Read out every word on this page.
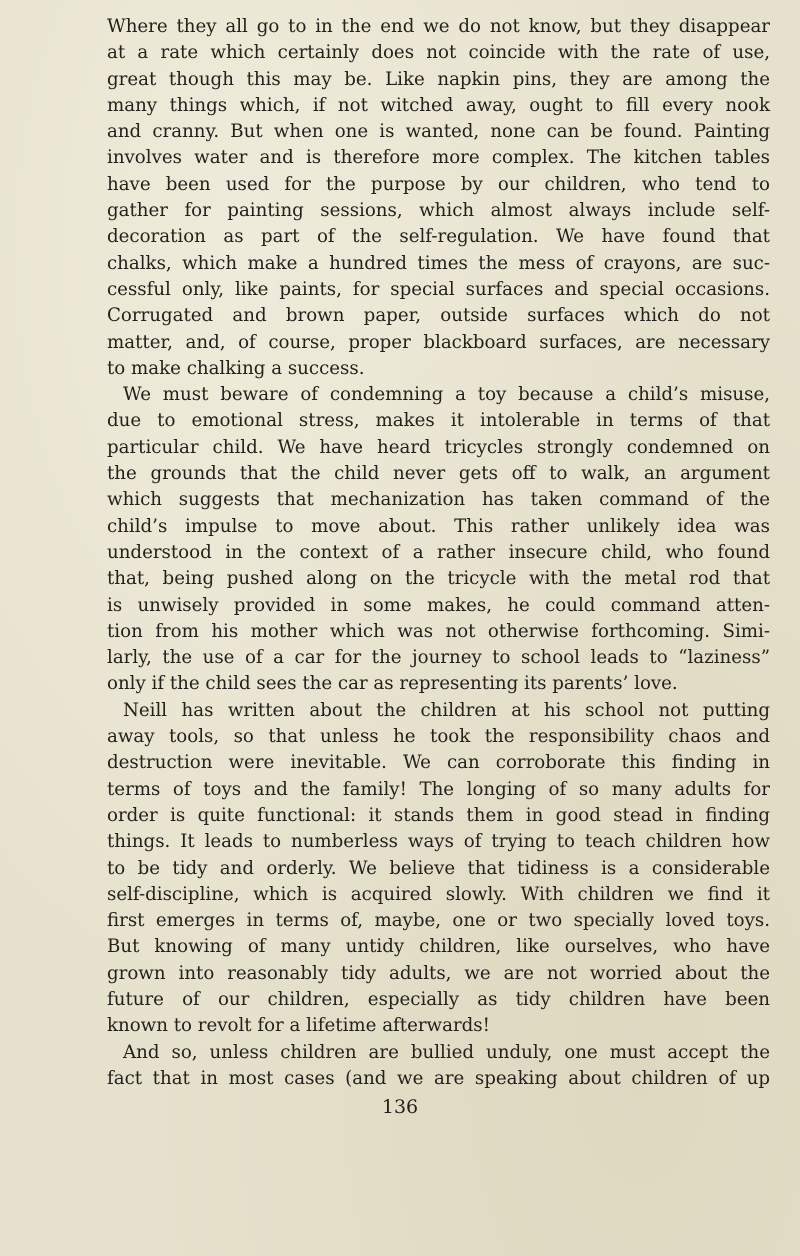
Where they all go to in the end we do not know, but they disappear
at a rate which certainly does not coincide with the rate of use,
great though this may be. Like napkin pins, they are among the
many things which, if not witched away, ought to fill every nook
and cranny. But when one is wanted, none can be found. Painting
involves water and is therefore more complex. The kitchen tables
have been used for the purpose by our children, who tend to
gather for painting sessions, which almost always include self-
decoration as part of the self-regulation. We have found that
chalks, which make a hundred times the mess of crayons, are suc-
cessful only, like paints, for special surfaces and special occasions.
Corrugated and brown paper, outside surfaces which do not
matter, and, of course, proper blackboard surfaces, are necessary
to make chalking a success.
We must beware of condemning a toy because a child’s misuse,
due to emotional stress, makes it intolerable in terms of that
particular child. We have heard tricycles strongly condemned on
the grounds that the child never gets off to walk, an argument
which suggests that mechanization has taken command of the
child’s impulse to move about. This rather unlikely idea was
understood in the context of a rather insecure child, who found
that, being pushed along on the tricycle with the metal rod that
is unwisely provided in some makes, he could command atten-
tion from his mother which was not otherwise forthcoming. Simi-
larly, the use of a car for the journey to school leads to “laziness”
only if the child sees the car as representing its parents’ love.
Neill has written about the children at his school not putting
away tools, so that unless he took the responsibility chaos and
destruction were inevitable. We can corroborate this finding in
terms of toys and the family! The longing of so many adults for
order is quite functional: it stands them in good stead in finding
things. It leads to numberless ways of trying to teach children how
to be tidy and orderly. We believe that tidiness is a considerable
self-discipline, which is acquired slowly. With children we find it
first emerges in terms of, maybe, one or two specially loved toys.
But knowing of many untidy children, like ourselves, who have
grown into reasonably tidy adults, we are not worried about the
future of our children, especially as tidy children have been
known to revolt for a lifetime afterwards!
And so, unless children are bullied unduly, one must accept the
fact that in most cases (and we are speaking about children of up
136
